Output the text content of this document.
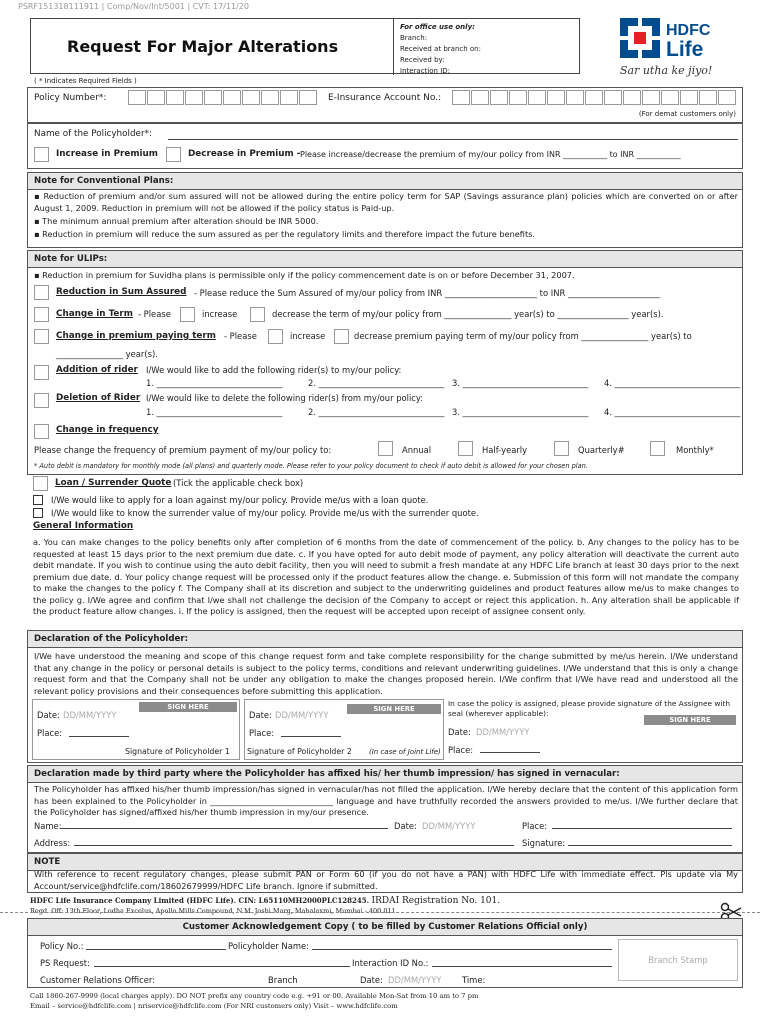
PSRF151318111911 | Comp/Nov/Int/5001 | CVT: 17/11/20
Request For Major Alterations
For office use only:
Branch:
Received at branch on:
Received by:
Interaction ID:
HDFC
Life
Sar utha ke jiyo!
( * Indicates Required Fields )
Policy Number*:	E-Insurance Account No.:
(For demat customers only)
Name of the Policyholder*:
Increase in Premium	Decrease in Premium - Please increase/decrease the premium of my/our policy from INR ___________ to INR ___________
Note for Conventional Plans:
▪ Reduction of premium and/or sum assured will not be allowed during the entire policy term for SAP (Savings assurance plan) policies which are converted on or after August 1, 2009. Reduction in premium will not be allowed if the policy status is Paid-up.
▪ The minimum annual premium after alteration should be INR 5000.
▪ Reduction in premium will reduce the sum assured as per the regulatory limits and therefore impact the future benefits.
Note for ULIPs:
▪ Reduction in premium for Suvidha plans is permissible only if the policy commencement date is on or before December 31, 2007.
Reduction in Sum Assured - Please reduce the Sum Assured of my/our policy from INR ______________________ to INR ______________________
Change in Term - Please	increase	decrease the term of my/our policy from ________________ year(s) to _________________ year(s).
Change in premium paying term - Please	increase	decrease premium paying term of my/our policy from ________________ year(s) to
________________ year(s).
Addition of rider I/We would like to add the following rider(s) to my/our policy:
1. ______________________________	2. ______________________________ 3. ______________________________ 4. ______________________________
Deletion of Rider I/We would like to delete the following rider(s) from my/our policy:
1. ______________________________	2. ______________________________ 3. ______________________________ 4. ______________________________
Change in frequency
Please change the frequency of premium payment of my/our policy to:	Annual	Half-yearly	Quarterly#	Monthly*
* Auto debit is mandatory for monthly mode (all plans) and quarterly mode. Please refer to your policy document to check if auto debit is allowed for your chosen plan.
Loan / Surrender Quote (Tick the applicable check box)
I/We would like to apply for a loan against my/our policy. Provide me/us with a loan quote.
I/We would like to know the surrender value of my/our policy. Provide me/us with the surrender quote.
General Information
a. You can make changes to the policy benefits only after completion of 6 months from the date of commencement of the policy. b. Any changes to the policy has to be requested at least 15 days prior to the next premium due date. c. If you have opted for auto debit mode of payment, any policy alteration will deactivate the current auto debit mandate. If you wish to continue using the auto debit facility, then you will need to submit a fresh mandate at any HDFC Life branch at least 30 days prior to the next premium due date. d. Your policy change request will be processed only if the product features allow the change. e. Submission of this form will not mandate the company to make the changes to the policy f. The Company shall at its discretion and subject to the underwriting guidelines and product features allow me/us to make changes to the policy g. I/We agree and confirm that I/we shall not challenge the decision of the Company to accept or reject this application. h. Any alteration shall be applicable if the product feature allow changes. i. If the policy is assigned, then the request will be accepted upon receipt of assignee consent only.
Declaration of the Policyholder:
I/We have understood the meaning and scope of this change request form and take complete responsibility for the change submitted by me/us herein. I/We understand that any change in the policy or personal details is subject to the policy terms, conditions and relevant underwriting guidelines. I/We understand that this is only a change request form and that the Company shall not be under any obligation to make the changes proposed herein. I/We confirm that I/We have read and understood all the relevant policy provisions and their consequences before submitting this application.
Date: DD/MM/YYYY
Place:
SIGN HERE
Signature of Policyholder 1
Date: DD/MM/YYYY
Place:
SIGN HERE
Signature of Policyholder 2 (In case of Joint Life)
In case the policy is assigned, please provide signature of the Assignee with seal (wherever applicable):
Date: DD/MM/YYYY
Place:
SIGN HERE
Declaration made by third party where the Policyholder has affixed his/ her thumb impression/ has signed in vernacular:
The Policyholder has affixed his/her thumb impression/has signed in vernacular/has not filled the application. I/We hereby declare that the content of this application form has been explained to the Policyholder in ______________________________ language and have truthfully recorded the answers provided to me/us. I/We further declare that the Policyholder has signed/affixed his/her thumb impression in my/our presence.
Name:	Date: DD/MM/YYYY	Place:
Address:	Signature:
NOTE
With reference to recent regulatory changes, please submit PAN or Form 60 (if you do not have a PAN) with HDFC Life with immediate effect. Pls update via My Account/service@hdfclife.com/18602679999/HDFC Life branch. Ignore if submitted.
HDFC Life Insurance Company Limited (HDFC Life). CIN: L65110MH2000PLC128245. IRDAI Registration No. 101.
Regd. Off: 13th Floor, Lodha Excelus, Apollo Mills Compound, N.M. Joshi Marg, Mahalaxmi, Mumbai - 400 011.
Customer Acknowledgement Copy ( to be filled by Customer Relations Official only)
Policy No.:	Policyholder Name:
PS Request:	Interaction ID No.:
Customer Relations Officer:	Branch	Date: DD/MM/YYYY Time:
Branch Stamp
Call 1860-267-9999 (local charges apply). DO NOT prefix any country code e.g. +91 or 00. Available Mon-Sat from 10 am to 7 pm
Email – service@hdfclife.com | nriservice@hdfclife.com (For NRI customers only) Visit – www.hdfclife.com
